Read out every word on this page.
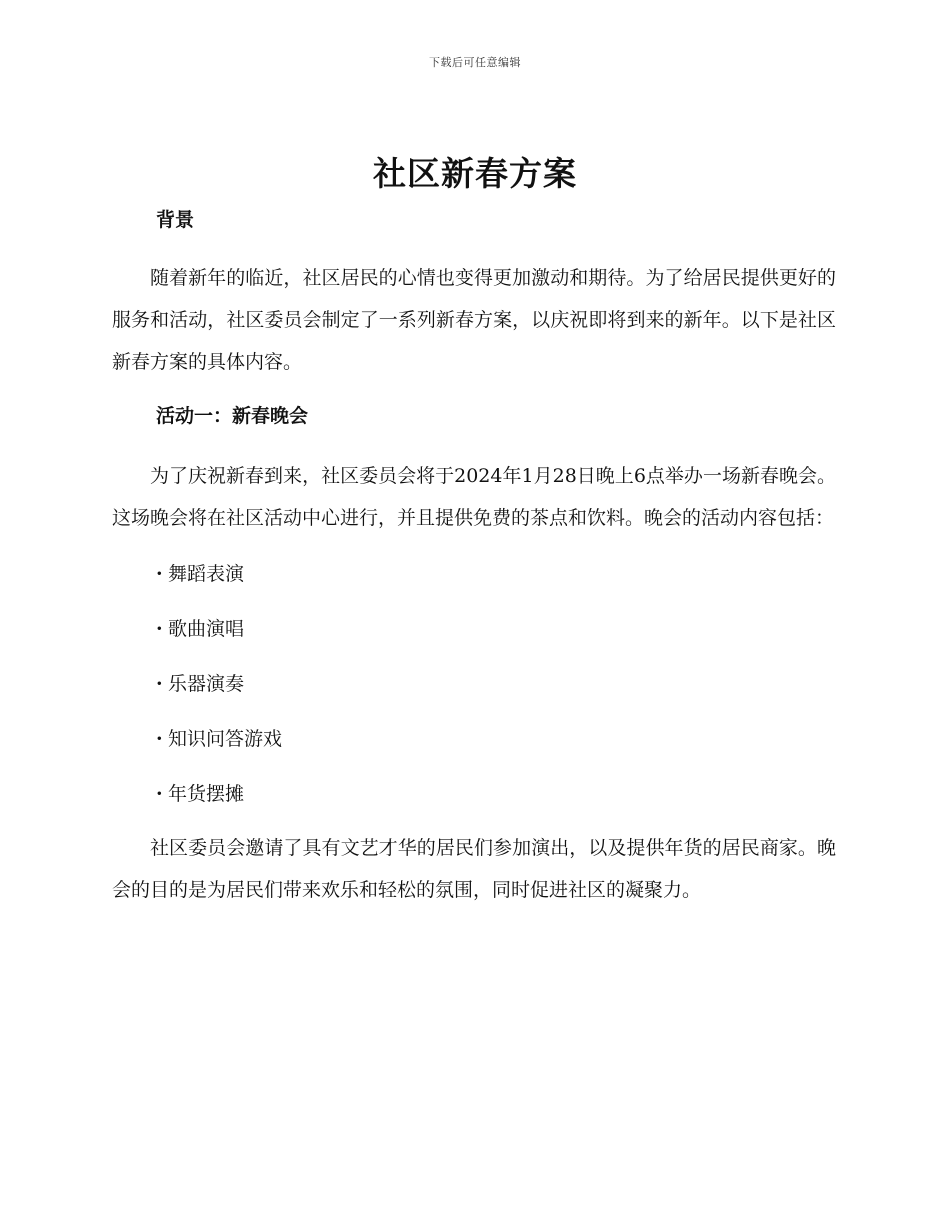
下载后可任意编辑
社区新春方案
背景

随着新年的临近，社区居民的心情也变得更加激动和期待。为了给居民提供更好的服务和活动，社区委员会制定了一系列新春方案，以庆祝即将到来的新年。以下是社区新春方案的具体内容。

活动一：新春晚会

为了庆祝新春到来，社区委员会将于2024年1月28日晚上6点举办一场新春晚会。这场晚会将在社区活动中心进行，并且提供免费的茶点和饮料。晚会的活动内容包括：

· 舞蹈表演
· 歌曲演唱
· 乐器演奏
· 知识问答游戏
· 年货摆摊

社区委员会邀请了具有文艺才华的居民们参加演出，以及提供年货的居民商家。晚会的目的是为居民们带来欢乐和轻松的氛围，同时促进社区的凝聚力。
